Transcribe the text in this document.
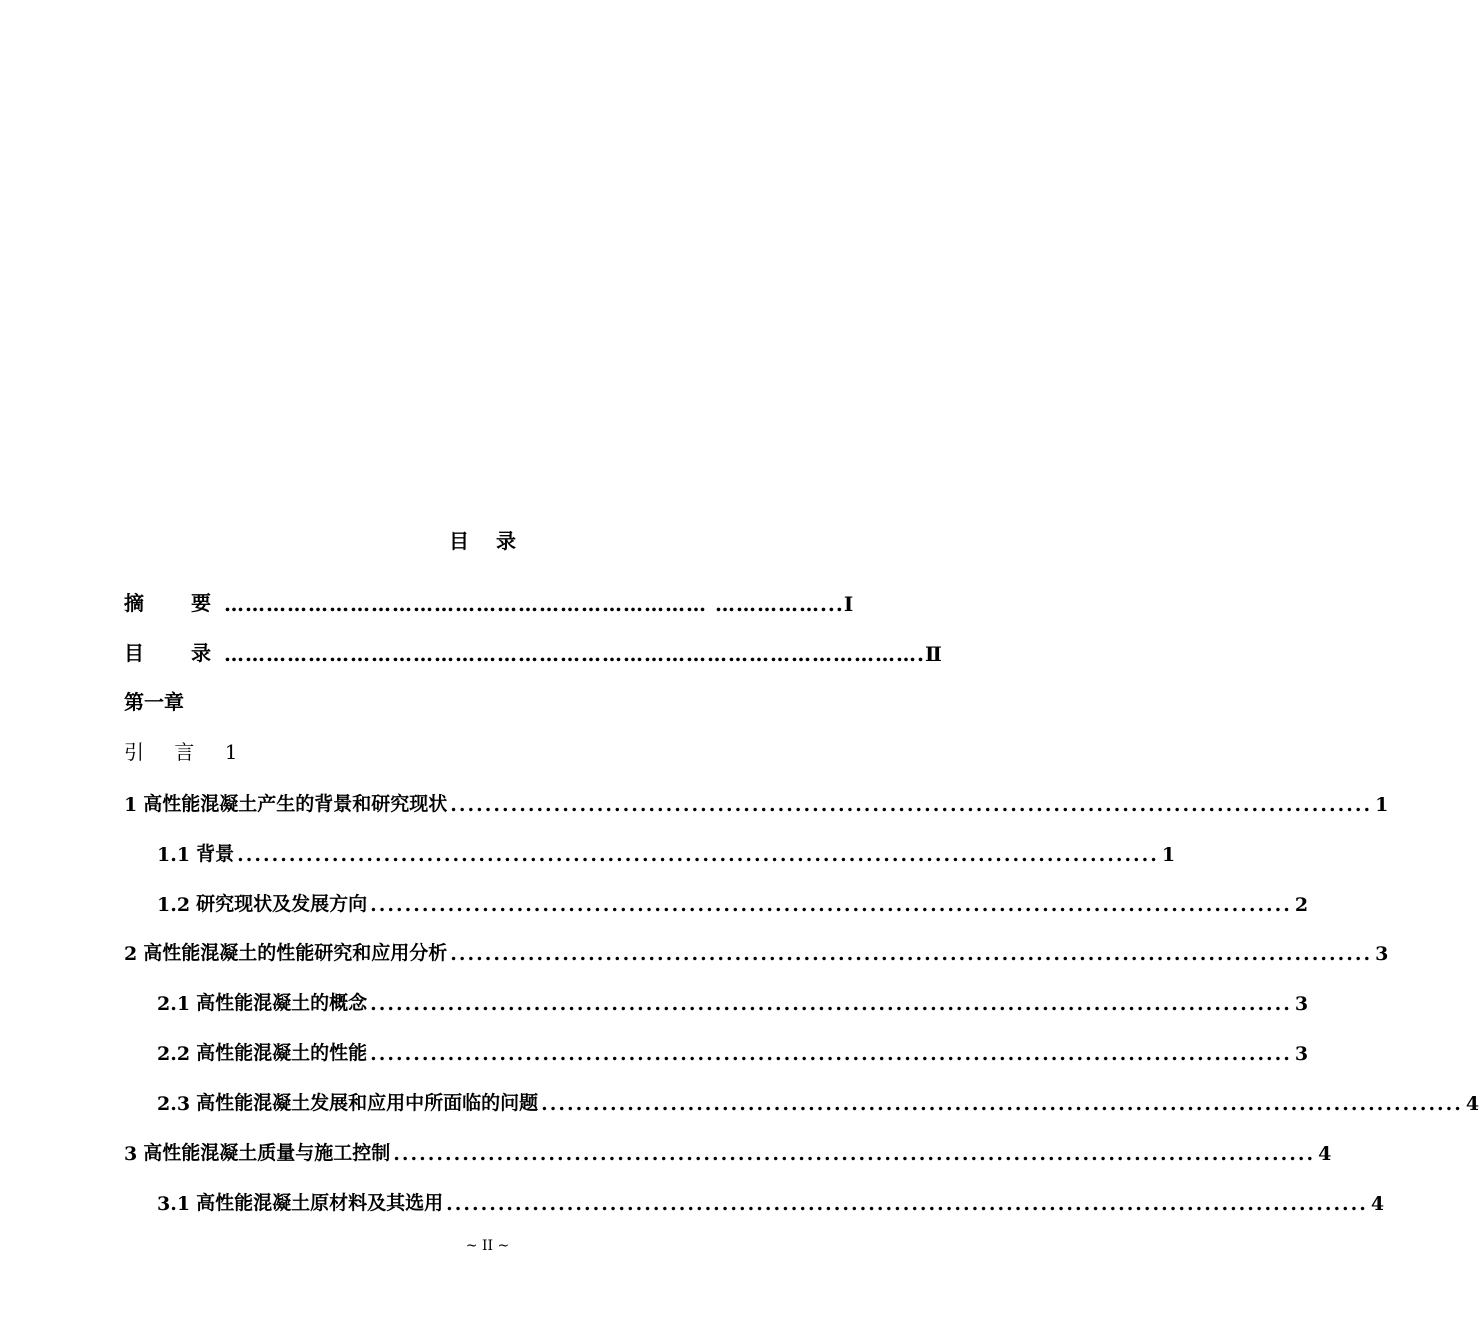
目 录
摘 要
…………………………………………………………… ……………... I
目 录
………………………………………………………………………………………. Ⅱ
第一章
引 言 1
1
高性能混凝土产生的背景和研究现状 ........................................................................................................... 1
1.1
背景 ........................................................................................................... 1
1.2
研究现状及发展方向 ........................................................................................................... 2
2
高性能混凝土的性能研究和应用分析 ........................................................................................................... 3
2.1
高性能混凝土的概念 ........................................................................................................... 3
2.2
高性能混凝土的性能 ........................................................................................................... 3
2.3
高性能混凝土发展和应用中所面临的问题 ........................................................................................................... 4
3
高性能混凝土质量与施工控制 ........................................................................................................... 4
3.1
高性能混凝土原材料及其选用 ........................................................................................................... 4
~ II ~
